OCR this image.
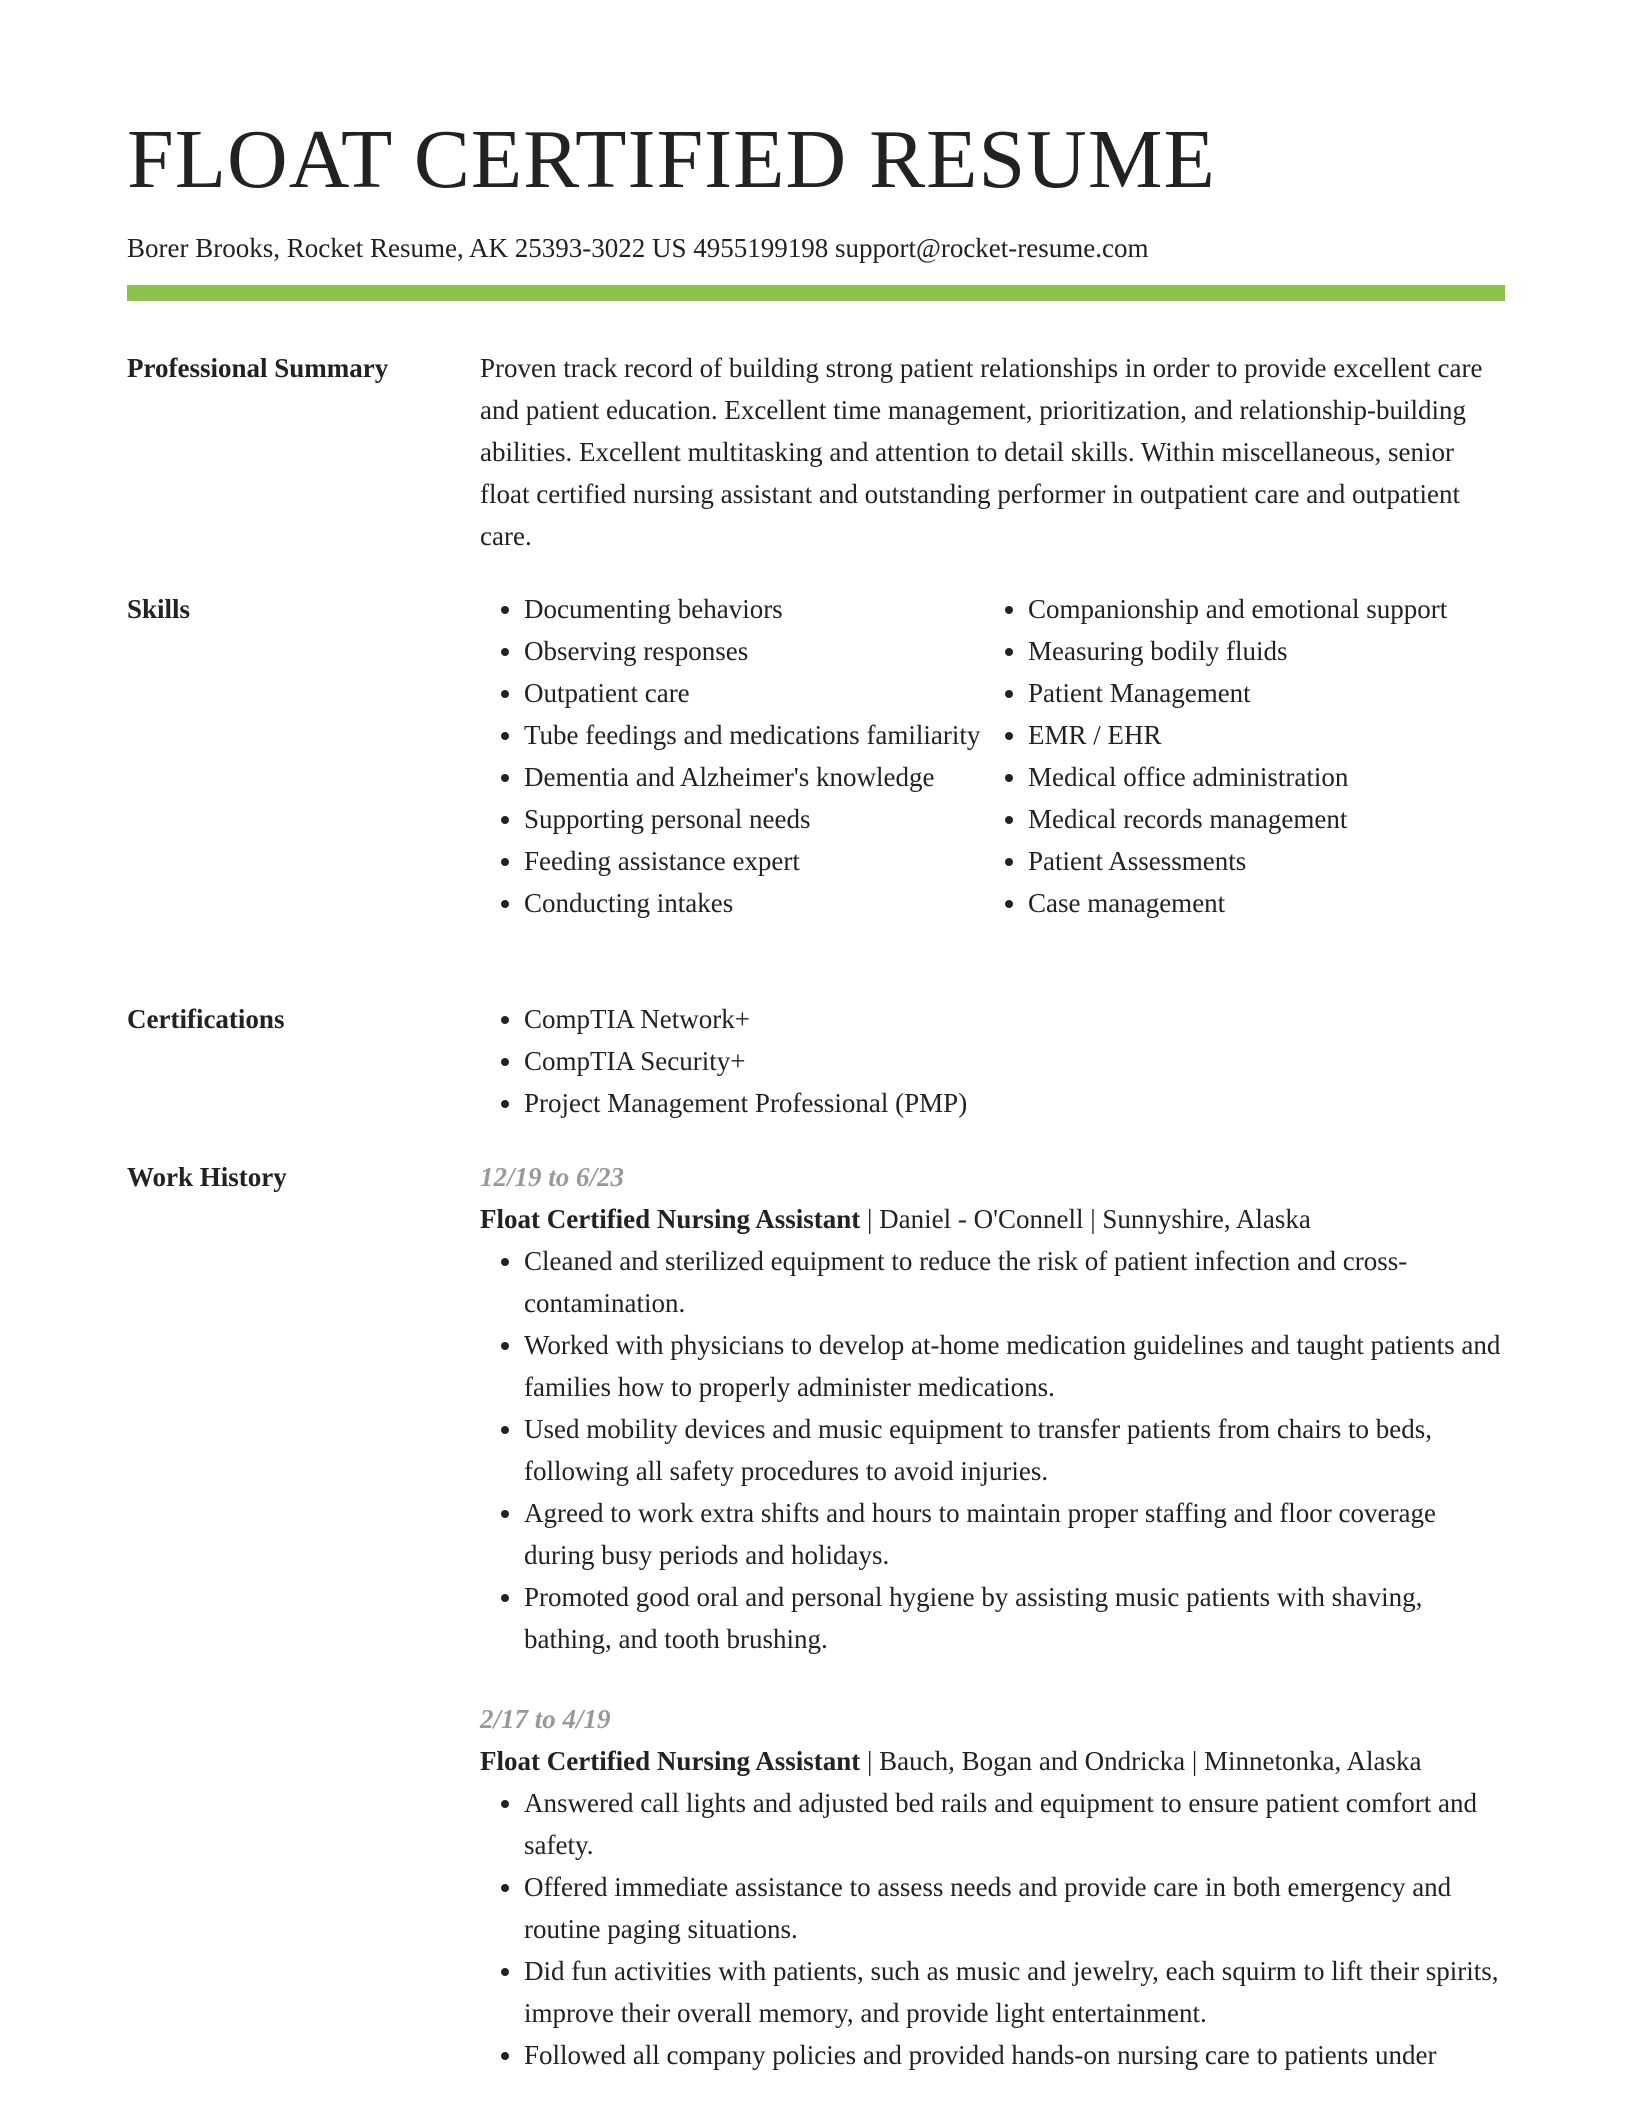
FLOAT CERTIFIED RESUME
Borer Brooks, Rocket Resume, AK 25393-3022 US 4955199198 support@rocket-resume.com
Professional Summary	Proven track record of building strong patient relationships in order to provide excellent care and patient education. Excellent time management, prioritization, and relationship-building abilities. Excellent multitasking and attention to detail skills. Within miscellaneous, senior float certified nursing assistant and outstanding performer in outpatient care and outpatient care.

Skills	• Documenting behaviors
• Observing responses
• Outpatient care
• Tube feedings and medications familiarity
• Dementia and Alzheimer's knowledge
• Supporting personal needs
• Feeding assistance expert
• Conducting intakes
• Companionship and emotional support
• Measuring bodily fluids
• Patient Management
• EMR / EHR
• Medical office administration
• Medical records management
• Patient Assessments
• Case management
Certifications	• CompTIA Network+
• CompTIA Security+
• Project Management Professional (PMP)
Work History	12/19 to 6/23
Float Certified Nursing Assistant | Daniel - O'Connell | Sunnyshire, Alaska
• Cleaned and sterilized equipment to reduce the risk of patient infection and cross-contamination.
• Worked with physicians to develop at-home medication guidelines and taught patients and families how to properly administer medications.
• Used mobility devices and music equipment to transfer patients from chairs to beds, following all safety procedures to avoid injuries.
• Agreed to work extra shifts and hours to maintain proper staffing and floor coverage during busy periods and holidays.
• Promoted good oral and personal hygiene by assisting music patients with shaving, bathing, and tooth brushing.
2/17 to 4/19
Float Certified Nursing Assistant | Bauch, Bogan and Ondricka | Minnetonka, Alaska
• Answered call lights and adjusted bed rails and equipment to ensure patient comfort and safety.
• Offered immediate assistance to assess needs and provide care in both emergency and routine paging situations.
• Did fun activities with patients, such as music and jewelry, each squirm to lift their spirits, improve their overall memory, and provide light entertainment.
• Followed all company policies and provided hands-on nursing care to patients under
